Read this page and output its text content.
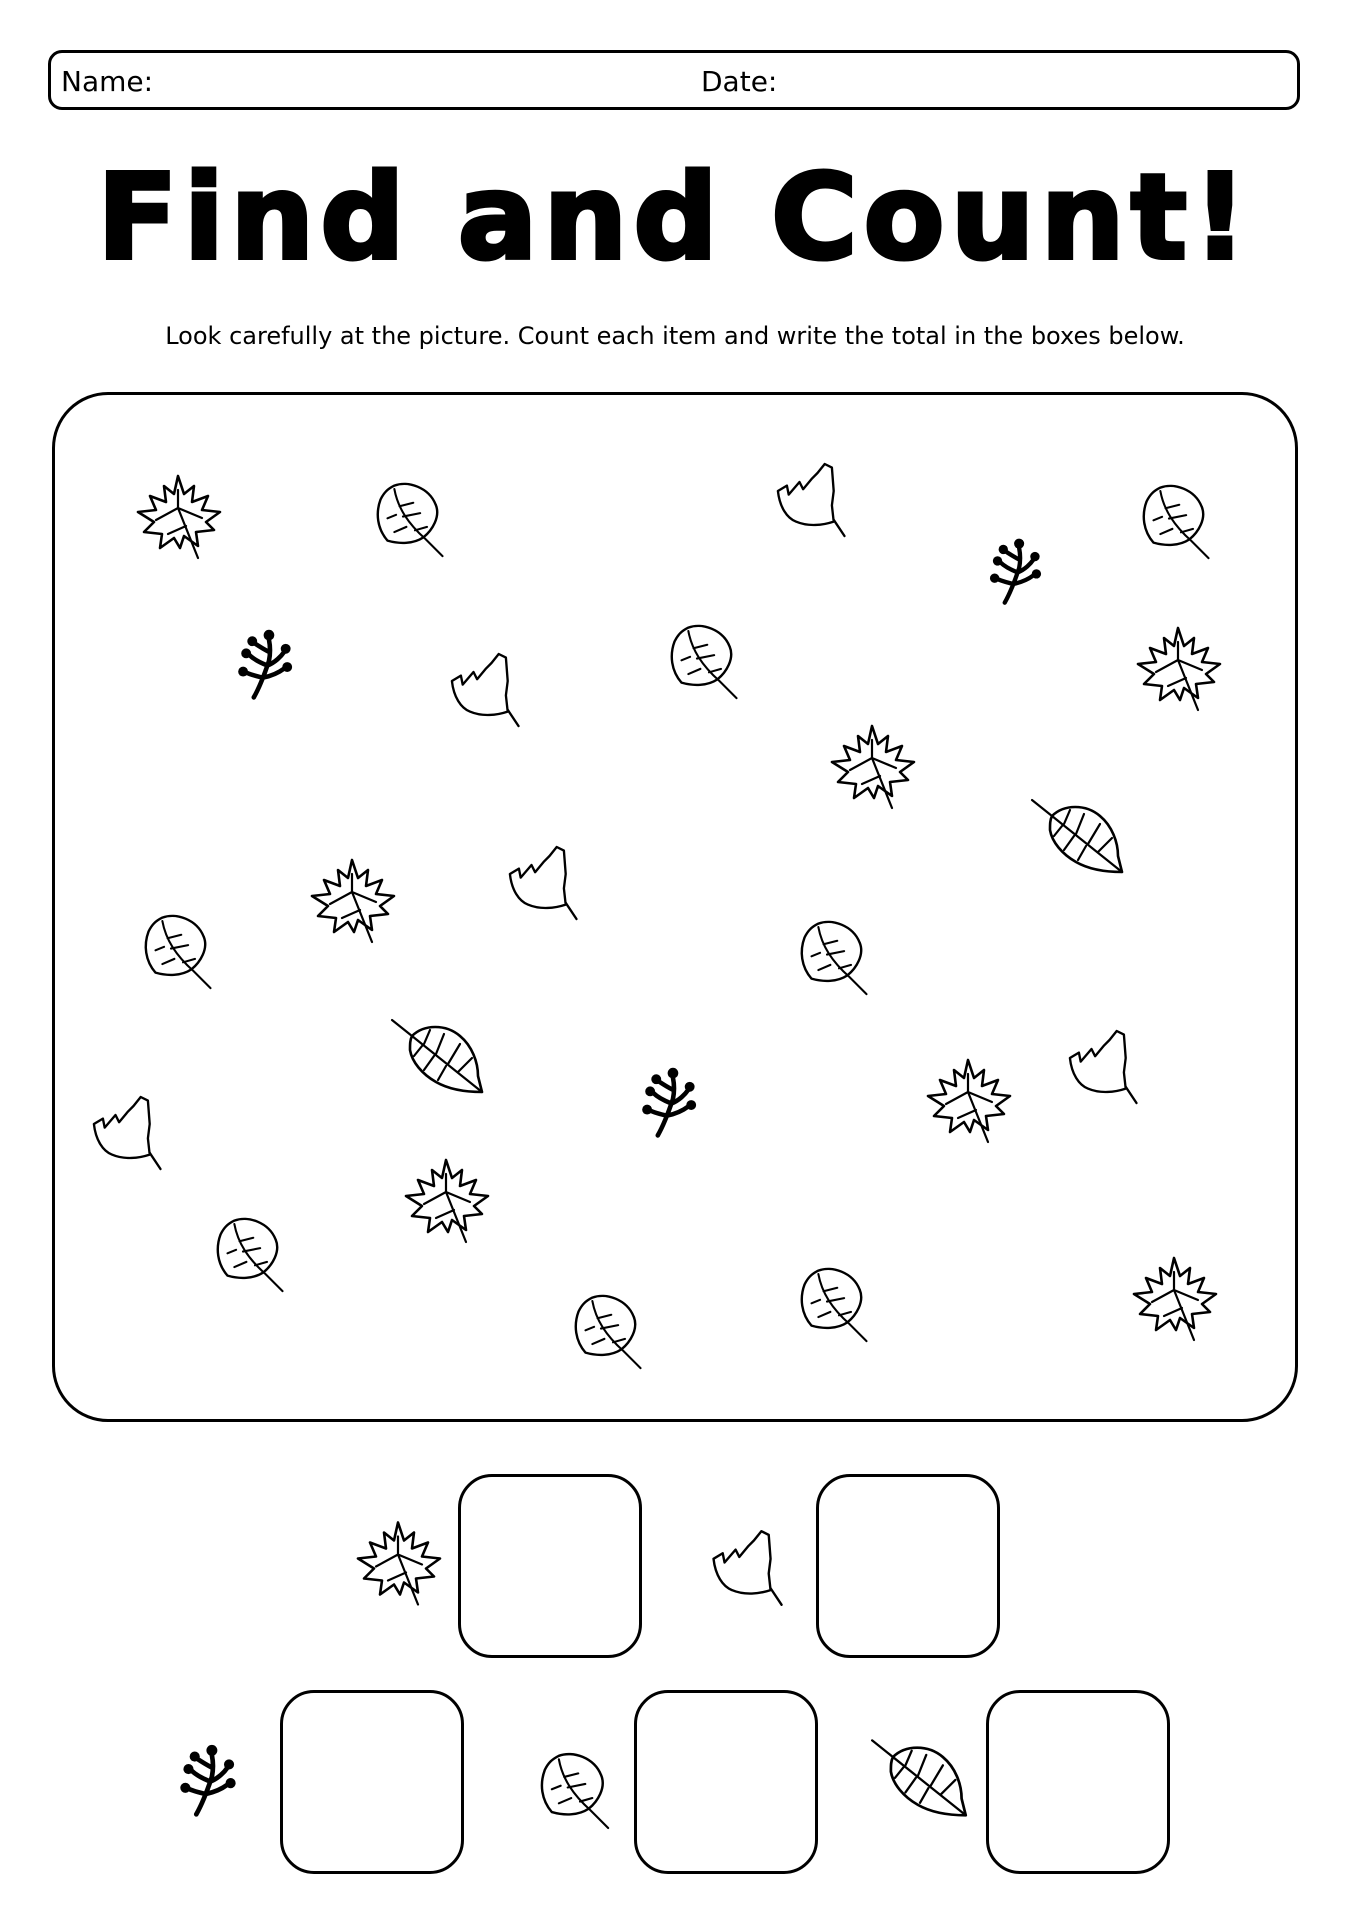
Name:	Date:
Find and Count!
Look carefully at the picture. Count each item and write the total in the boxes below.
